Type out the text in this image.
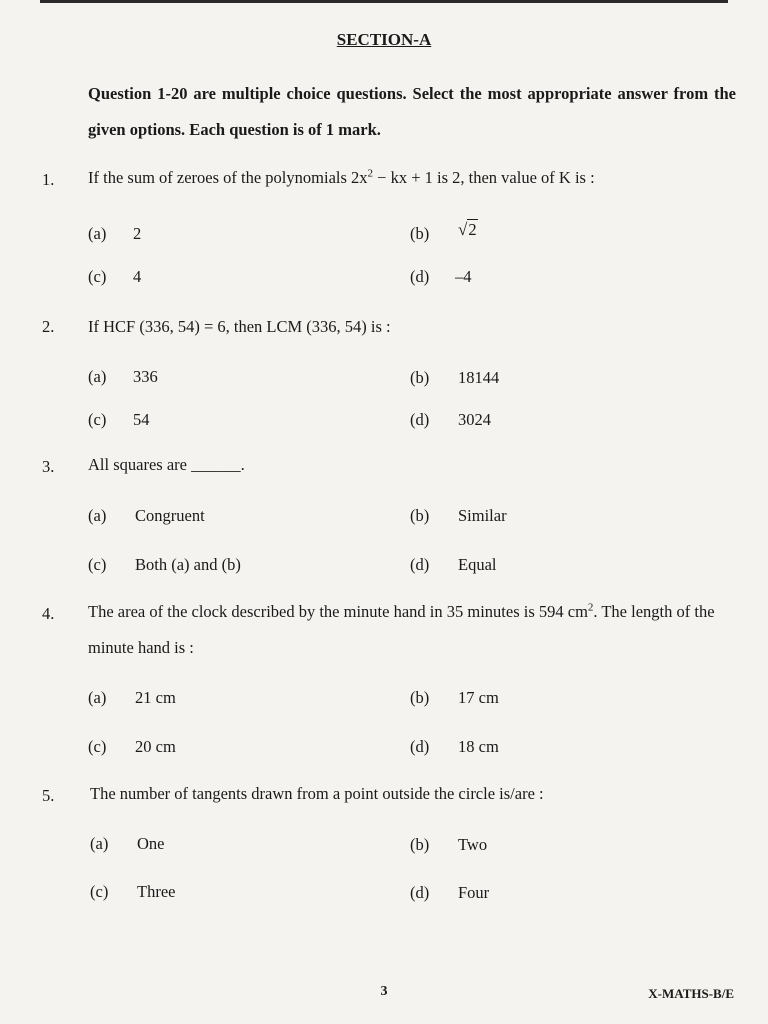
SECTION-A
Question 1-20 are multiple choice questions. Select the most appropriate answer from the given options. Each question is of 1 mark.
1. If the sum of zeroes of the polynomials $2x^2$ − kx + 1 is 2, then value of K is :
(a) 2	(b) √2
(c) 4	(d) –4
2. If HCF (336, 54) = 6, then LCM (336, 54) is :
(a) 336	(b) 18144
(c) 54	(d) 3024
3. All squares are ______.
(a) Congruent	(b) Similar
(c) Both (a) and (b)	(d) Equal
4. The area of the clock described by the minute hand in 35 minutes is 594 $cm^2$. The length of the minute hand is :
(a) 21 cm	(b) 17 cm
(c) 20 cm	(d) 18 cm
5. The number of tangents drawn from a point outside the circle is/are :
(a) One	(b) Two
(c) Three	(d) Four
3	X-MATHS-B/E
